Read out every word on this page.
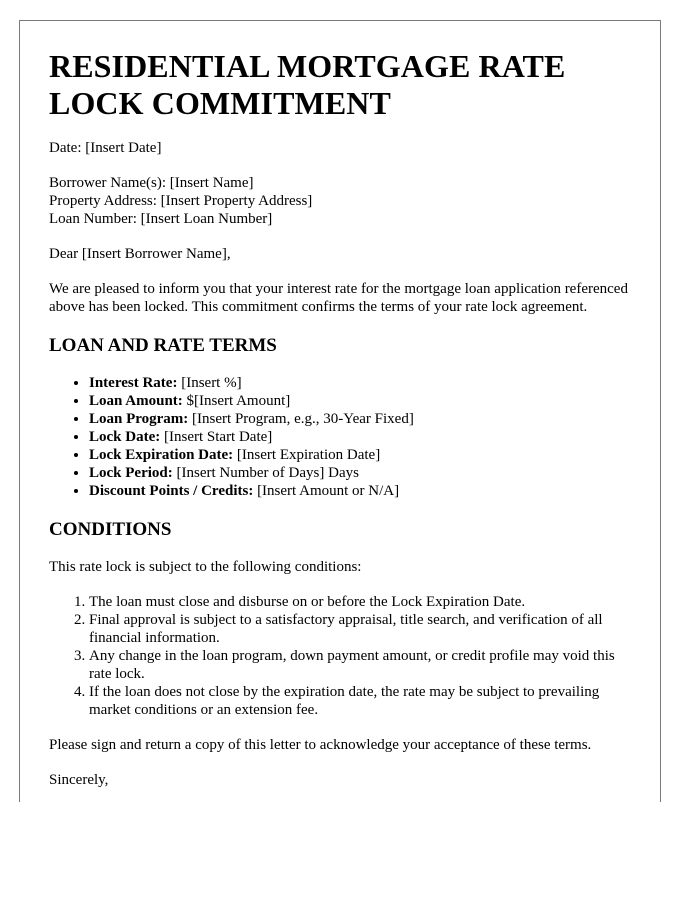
RESIDENTIAL MORTGAGE RATE LOCK COMMITMENT

Date: [Insert Date]

Borrower Name(s): [Insert Name]
Property Address: [Insert Property Address]
Loan Number: [Insert Loan Number]

Dear [Insert Borrower Name],

We are pleased to inform you that your interest rate for the mortgage loan application referenced above has been locked. This commitment confirms the terms of your rate lock agreement.

LOAN AND RATE TERMS
• Interest Rate: [Insert %]
• Loan Amount: $[Insert Amount]
• Loan Program: [Insert Program, e.g., 30-Year Fixed]
• Lock Date: [Insert Start Date]
• Lock Expiration Date: [Insert Expiration Date]
• Lock Period: [Insert Number of Days] Days
• Discount Points / Credits: [Insert Amount or N/A]
CONDITIONS

This rate lock is subject to the following conditions:

1. The loan must close and disburse on or before the Lock Expiration Date.
2. Final approval is subject to a satisfactory appraisal, title search, and verification of all financial information.
3. Any change in the loan program, down payment amount, or credit profile may void this rate lock.
4. If the loan does not close by the expiration date, the rate may be subject to prevailing market conditions or an extension fee.

Please sign and return a copy of this letter to acknowledge your acceptance of these terms.

Sincerely,
